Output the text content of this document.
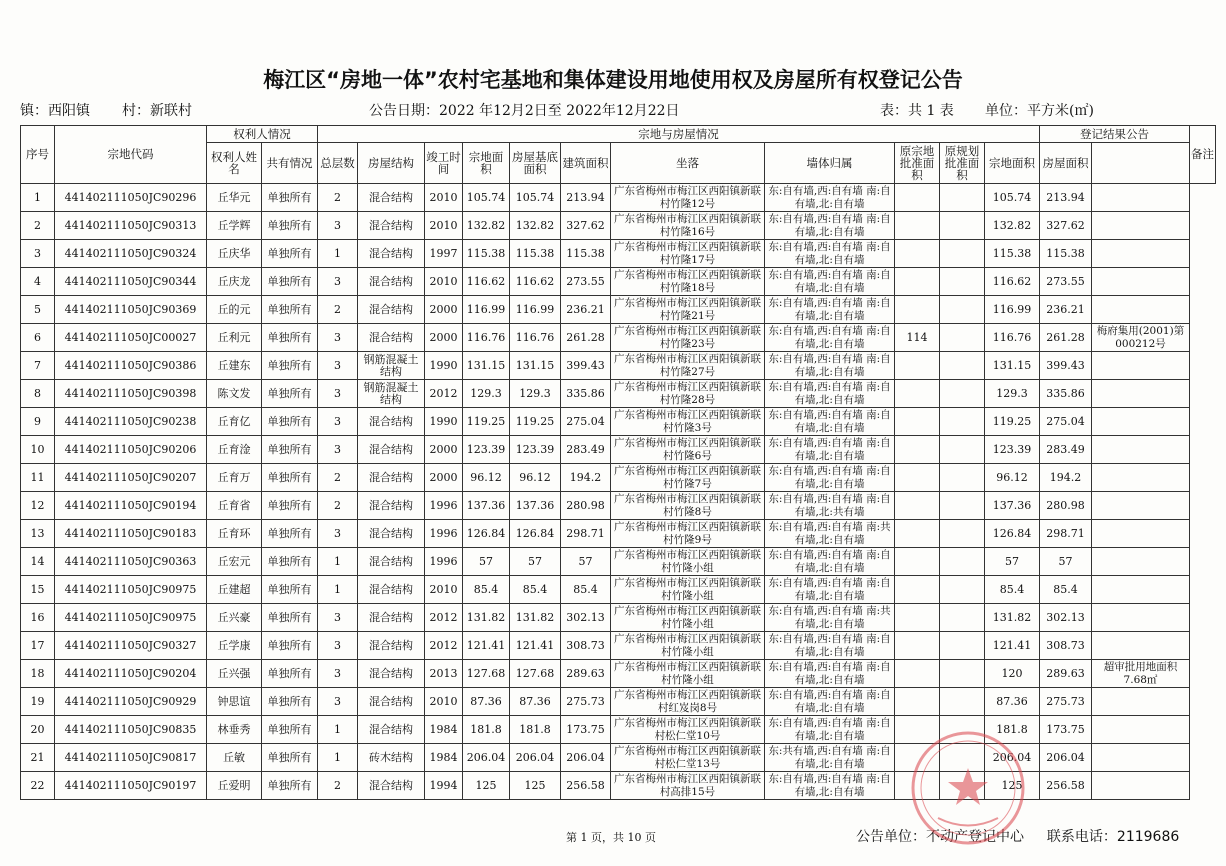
梅江区“房地一体”农村宅基地和集体建设用地使用权及房屋所有权登记公告
镇：西阳镇 村：新联村	公告日期：2022 年12月2日至 2022年12月22日	表：共 1 表 单位：平方米(㎡)
序号	宗地代码	权利人情况		宗地与房屋情况											登记结果公告		备注
		权利人姓名	共有情况	总层数	房屋结构	竣工时间	宗地面积	房屋基底面积	建筑面积	坐落	墙体归属	原宗地批准面积	原规划批准面积	宗地面积	房屋面积		
1	441402111050JC90296	丘华元	单独所有	2	混合结构	2010	105.74	105.74	213.94	广东省梅州市梅江区西阳镇新联村竹隆12号	东:自有墙,西:自有墙 南:自有墙,北:自有墙			105.74	213.94		
2	441402111050JC90313	丘学辉	单独所有	3	混合结构	2010	132.82	132.82	327.62	广东省梅州市梅江区西阳镇新联村竹隆16号	东:自有墙,西:自有墙 南:自有墙,北:自有墙			132.82	327.62		
3	441402111050JC90324	丘庆华	单独所有	1	混合结构	1997	115.38	115.38	115.38	广东省梅州市梅江区西阳镇新联村竹隆17号	东:自有墙,西:自有墙 南:自有墙,北:自有墙			115.38	115.38		
4	441402111050JC90344	丘庆龙	单独所有	3	混合结构	2010	116.62	116.62	273.55	广东省梅州市梅江区西阳镇新联村竹隆18号	东:自有墙,西:自有墙 南:自有墙,北:自有墙			116.62	273.55		
5	441402111050JC90369	丘的元	单独所有	2	混合结构	2000	116.99	116.99	236.21	广东省梅州市梅江区西阳镇新联村竹隆21号	东:自有墙,西:自有墙 南:自有墙,北:自有墙			116.99	236.21		
6	441402111050JC00027	丘利元	单独所有	3	混合结构	2000	116.76	116.76	261.28	广东省梅州市梅江区西阳镇新联村竹隆23号	东:自有墙,西:自有墙 南:自有墙,北:自有墙	114		116.76	261.28	梅府集用(2001)第000212号	
7	441402111050JC90386	丘建东	单独所有	3	钢筋混凝土结构	1990	131.15	131.15	399.43	广东省梅州市梅江区西阳镇新联村竹隆27号	东:自有墙,西:自有墙 南:自有墙,北:自有墙			131.15	399.43		
8	441402111050JC90398	陈文发	单独所有	3	钢筋混凝土结构	2012	129.3	129.3	335.86	广东省梅州市梅江区西阳镇新联村竹隆28号	东:自有墙,西:自有墙 南:自有墙,北:自有墙			129.3	335.86		
9	441402111050JC90238	丘育亿	单独所有	3	混合结构	1990	119.25	119.25	275.04	广东省梅州市梅江区西阳镇新联村竹隆3号	东:自有墙,西:自有墙 南:自有墙,北:自有墙			119.25	275.04		
10	441402111050JC90206	丘育淦	单独所有	3	混合结构	2000	123.39	123.39	283.49	广东省梅州市梅江区西阳镇新联村竹隆6号	东:自有墙,西:自有墙 南:自有墙,北:自有墙			123.39	283.49		
11	441402111050JC90207	丘育万	单独所有	2	混合结构	2000	96.12	96.12	194.2	广东省梅州市梅江区西阳镇新联村竹隆7号	东:自有墙,西:自有墙 南:自有墙,北:自有墙			96.12	194.2		
12	441402111050JC90194	丘育省	单独所有	2	混合结构	1996	137.36	137.36	280.98	广东省梅州市梅江区西阳镇新联村竹隆8号	东:自有墙,西:自有墙 南:自有墙,北:共有墙			137.36	280.98		
13	441402111050JC90183	丘育环	单独所有	3	混合结构	1996	126.84	126.84	298.71	广东省梅州市梅江区西阳镇新联村竹隆9号	东:自有墙,西:自有墙 南:共有墙,北:自有墙			126.84	298.71		
14	441402111050JC90363	丘宏元	单独所有	1	混合结构	1996	57	57	57	广东省梅州市梅江区西阳镇新联村竹隆小组	东:自有墙,西:自有墙 南:自有墙,北:自有墙			57	57		
15	441402111050JC90975	丘建超	单独所有	1	混合结构	2010	85.4	85.4	85.4	广东省梅州市梅江区西阳镇新联村竹隆小组	东:自有墙,西:自有墙 南:自有墙,北:自有墙			85.4	85.4		
16	441402111050JC90975	丘兴豪	单独所有	3	混合结构	2012	131.82	131.82	302.13	广东省梅州市梅江区西阳镇新联村竹隆小组	东:自有墙,西:自有墙 南:共有墙,北:自有墙			131.82	302.13		
17	441402111050JC90327	丘学康	单独所有	3	混合结构	2012	121.41	121.41	308.73	广东省梅州市梅江区西阳镇新联村竹隆小组	东:自有墙,西:自有墙 南:自有墙,北:自有墙			121.41	308.73		
18	441402111050JC90204	丘兴强	单独所有	3	混合结构	2013	127.68	127.68	289.63	广东省梅州市梅江区西阳镇新联村竹隆小组	东:自有墙,西:自有墙 南:自有墙,北:自有墙			120	289.63	超审批用地面积7.68㎡	
19	441402111050JC90929	钟思谊	单独所有	3	混合结构	2010	87.36	87.36	275.73	广东省梅州市梅江区西阳镇新联村红岌岗8号	东:自有墙,西:自有墙 南:自有墙,北:自有墙			87.36	275.73		
20	441402111050JC90835	林垂秀	单独所有	1	混合结构	1984	181.8	181.8	173.75	广东省梅州市梅江区西阳镇新联村松仁堂10号	东:自有墙,西:自有墙 南:自有墙,北:自有墙			181.8	173.75		
21	441402111050JC90817	丘敏	单独所有	1	砖木结构	1984	206.04	206.04	206.04	广东省梅州市梅江区西阳镇新联村松仁堂13号	东:共有墙,西:自有墙 南:自有墙,北:自有墙			206.04	206.04		
22	441402111050JC90197	丘爱明	单独所有	2	混合结构	1994	125	125	256.58	广东省梅州市梅江区西阳镇新联村高排15号	东:自有墙,西:自有墙 南:自有墙,北:自有墙			125	256.58		
第 1 页，共 10 页	公告单位：不动产登记中心 联系电话：2119686
